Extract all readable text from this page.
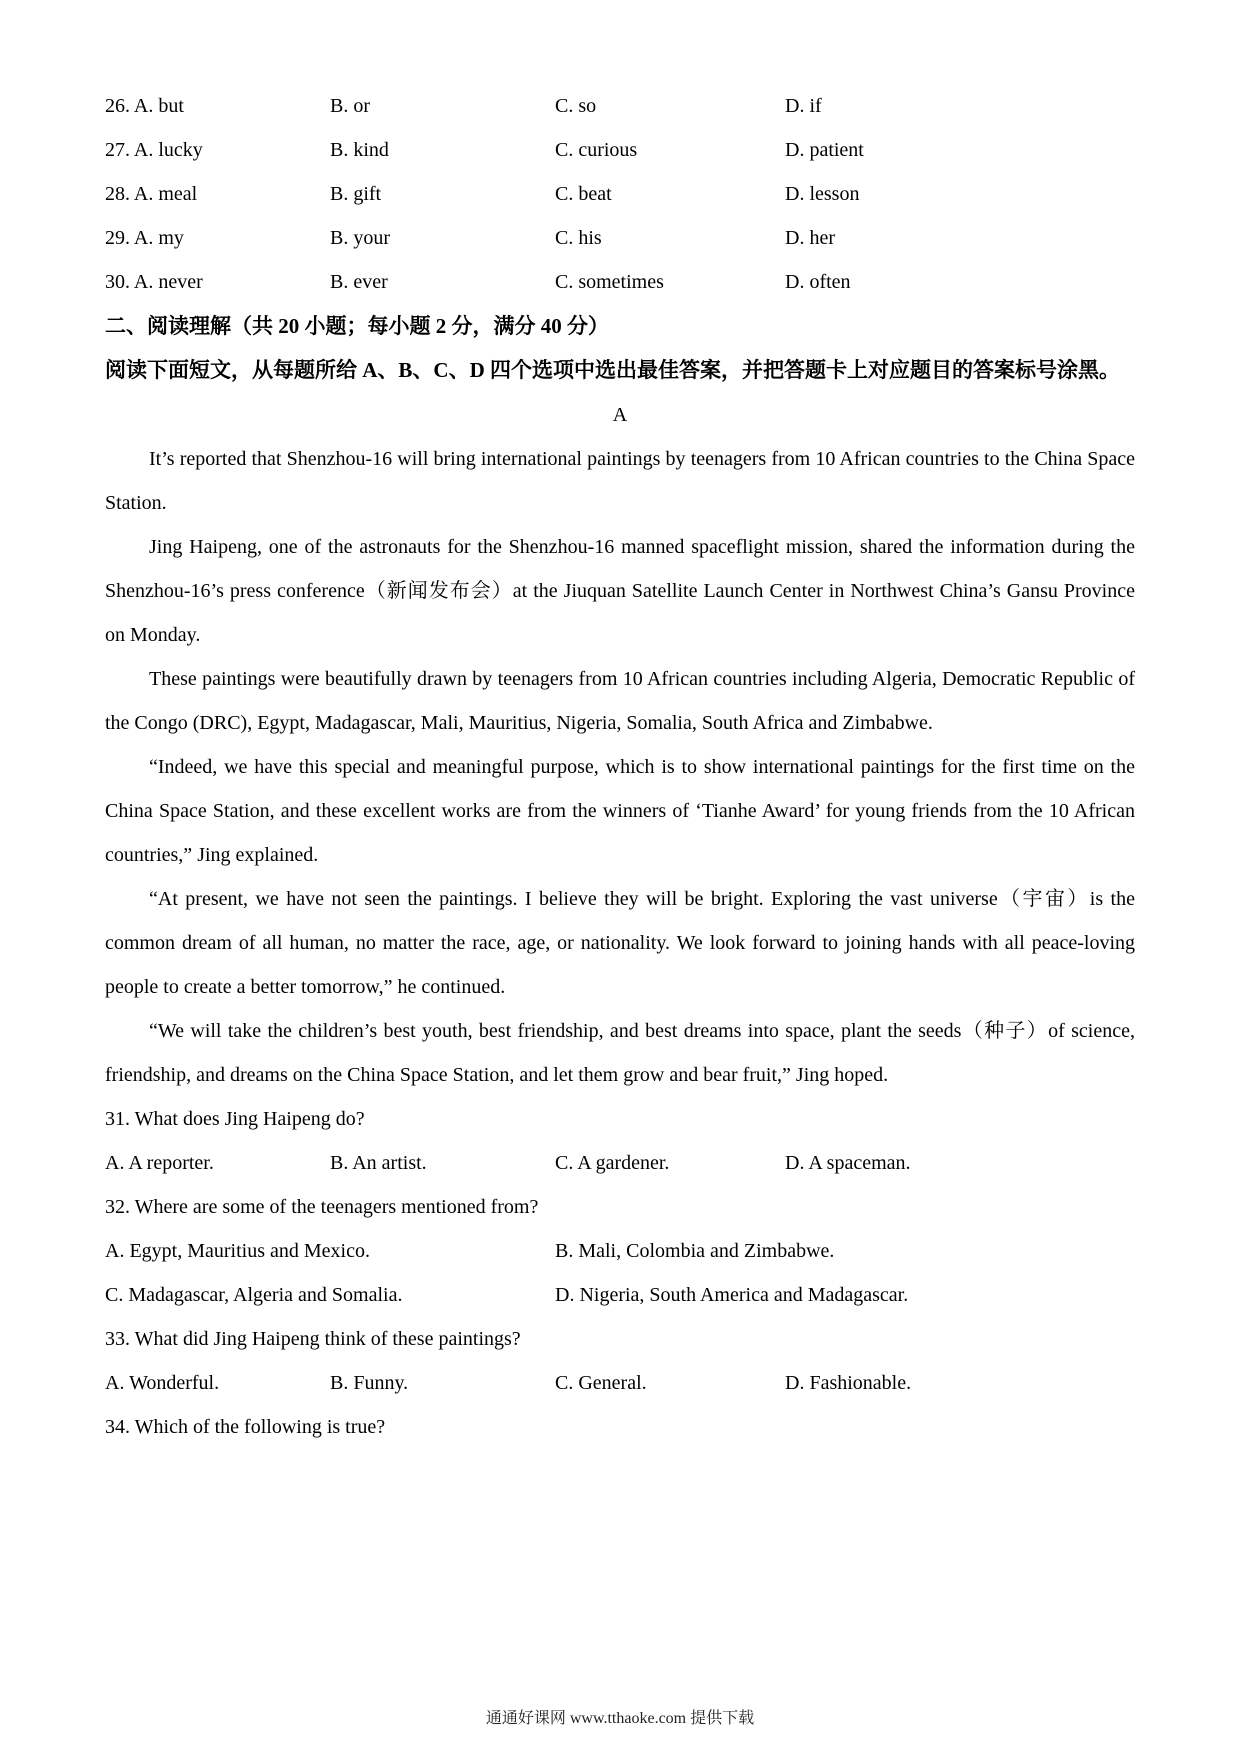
26. A. but	B. or	C. so	D. if
27. A. lucky	B. kind	C. curious	D. patient
28. A. meal	B. gift	C. beat	D. lesson
29. A. my	B. your	C. his	D. her
30. A. never	B. ever	C. sometimes	D. often
二、阅读理解（共 20 小题；每小题 2 分，满分 40 分）

阅读下面短文，从每题所给 A、B、C、D 四个选项中选出最佳答案，并把答题卡上对应题目的答案标号涂黑。

A

It’s reported that Shenzhou-16 will bring international paintings by teenagers from 10 African countries to the China Space Station.

Jing Haipeng, one of the astronauts for the Shenzhou-16 manned spaceflight mission, shared the information during the Shenzhou-16’s press conference（新闻发布会）at the Jiuquan Satellite Launch Center in Northwest China’s Gansu Province on Monday.

These paintings were beautifully drawn by teenagers from 10 African countries including Algeria, Democratic Republic of the Congo (DRC), Egypt, Madagascar, Mali, Mauritius, Nigeria, Somalia, South Africa and Zimbabwe.

“Indeed, we have this special and meaningful purpose, which is to show international paintings for the first time on the China Space Station, and these excellent works are from the winners of ‘Tianhe Award’ for young friends from the 10 African countries,” Jing explained.

“At present, we have not seen the paintings. I believe they will be bright. Exploring the vast universe（宇宙）is the common dream of all human, no matter the race, age, or nationality. We look forward to joining hands with all peace-loving people to create a better tomorrow,” he continued.

“We will take the children’s best youth, best friendship, and best dreams into space, plant the seeds（种子）of science, friendship, and dreams on the China Space Station, and let them grow and bear fruit,” Jing hoped.

31. What does Jing Haipeng do?

A. A reporter.	B. An artist.	C. A gardener.	D. A spaceman.

32. Where are some of the teenagers mentioned from?

A. Egypt, Mauritius and Mexico.	B. Mali, Colombia and Zimbabwe.
C. Madagascar, Algeria and Somalia.	D. Nigeria, South America and Madagascar.

33. What did Jing Haipeng think of these paintings?

A. Wonderful.	B. Funny.	C. General.	D. Fashionable.

34. Which of the following is true?

通通好课网 www.tthaoke.com 提供下载
